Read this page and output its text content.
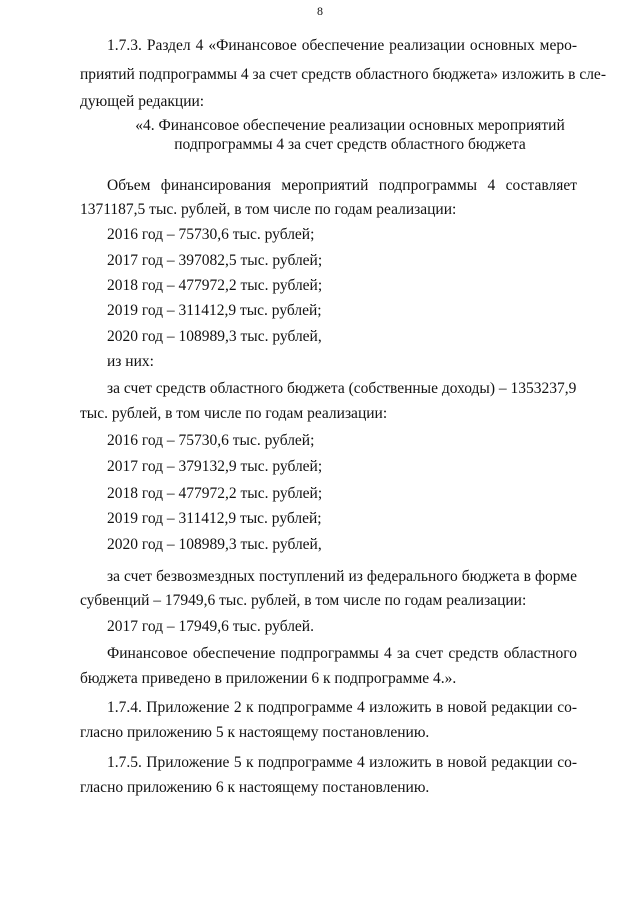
8
1.7.3. Раздел 4 «Финансовое обеспечение реализации основных меро-
приятий подпрограммы 4 за счет средств областного бюджета» изложить в сле-
дующей редакции:
«4. Финансовое обеспечение реализации основных мероприятий
подпрограммы 4 за счет средств областного бюджета
Объем финансирования мероприятий подпрограммы 4 составляет
1371187,5 тыс. рублей, в том числе по годам реализации:
2016 год – 75730,6 тыс. рублей;
2017 год – 397082,5 тыс. рублей;
2018 год – 477972,2 тыс. рублей;
2019 год – 311412,9 тыс. рублей;
2020 год – 108989,3 тыс. рублей,
из них:
за счет средств областного бюджета (собственные доходы) – 1353237,9
тыс. рублей, в том числе по годам реализации:
2016 год – 75730,6 тыс. рублей;
2017 год – 379132,9 тыс. рублей;
2018 год – 477972,2 тыс. рублей;
2019 год – 311412,9 тыс. рублей;
2020 год – 108989,3 тыс. рублей,
за счет безвозмездных поступлений из федерального бюджета в форме
субвенций – 17949,6 тыс. рублей, в том числе по годам реализации:
2017 год – 17949,6 тыс. рублей.
Финансовое обеспечение подпрограммы 4 за счет средств областного
бюджета приведено в приложении 6 к подпрограмме 4.».
1.7.4. Приложение 2 к подпрограмме 4 изложить в новой редакции со-
гласно приложению 5 к настоящему постановлению.
1.7.5. Приложение 5 к подпрограмме 4 изложить в новой редакции со-
гласно приложению 6 к настоящему постановлению.
